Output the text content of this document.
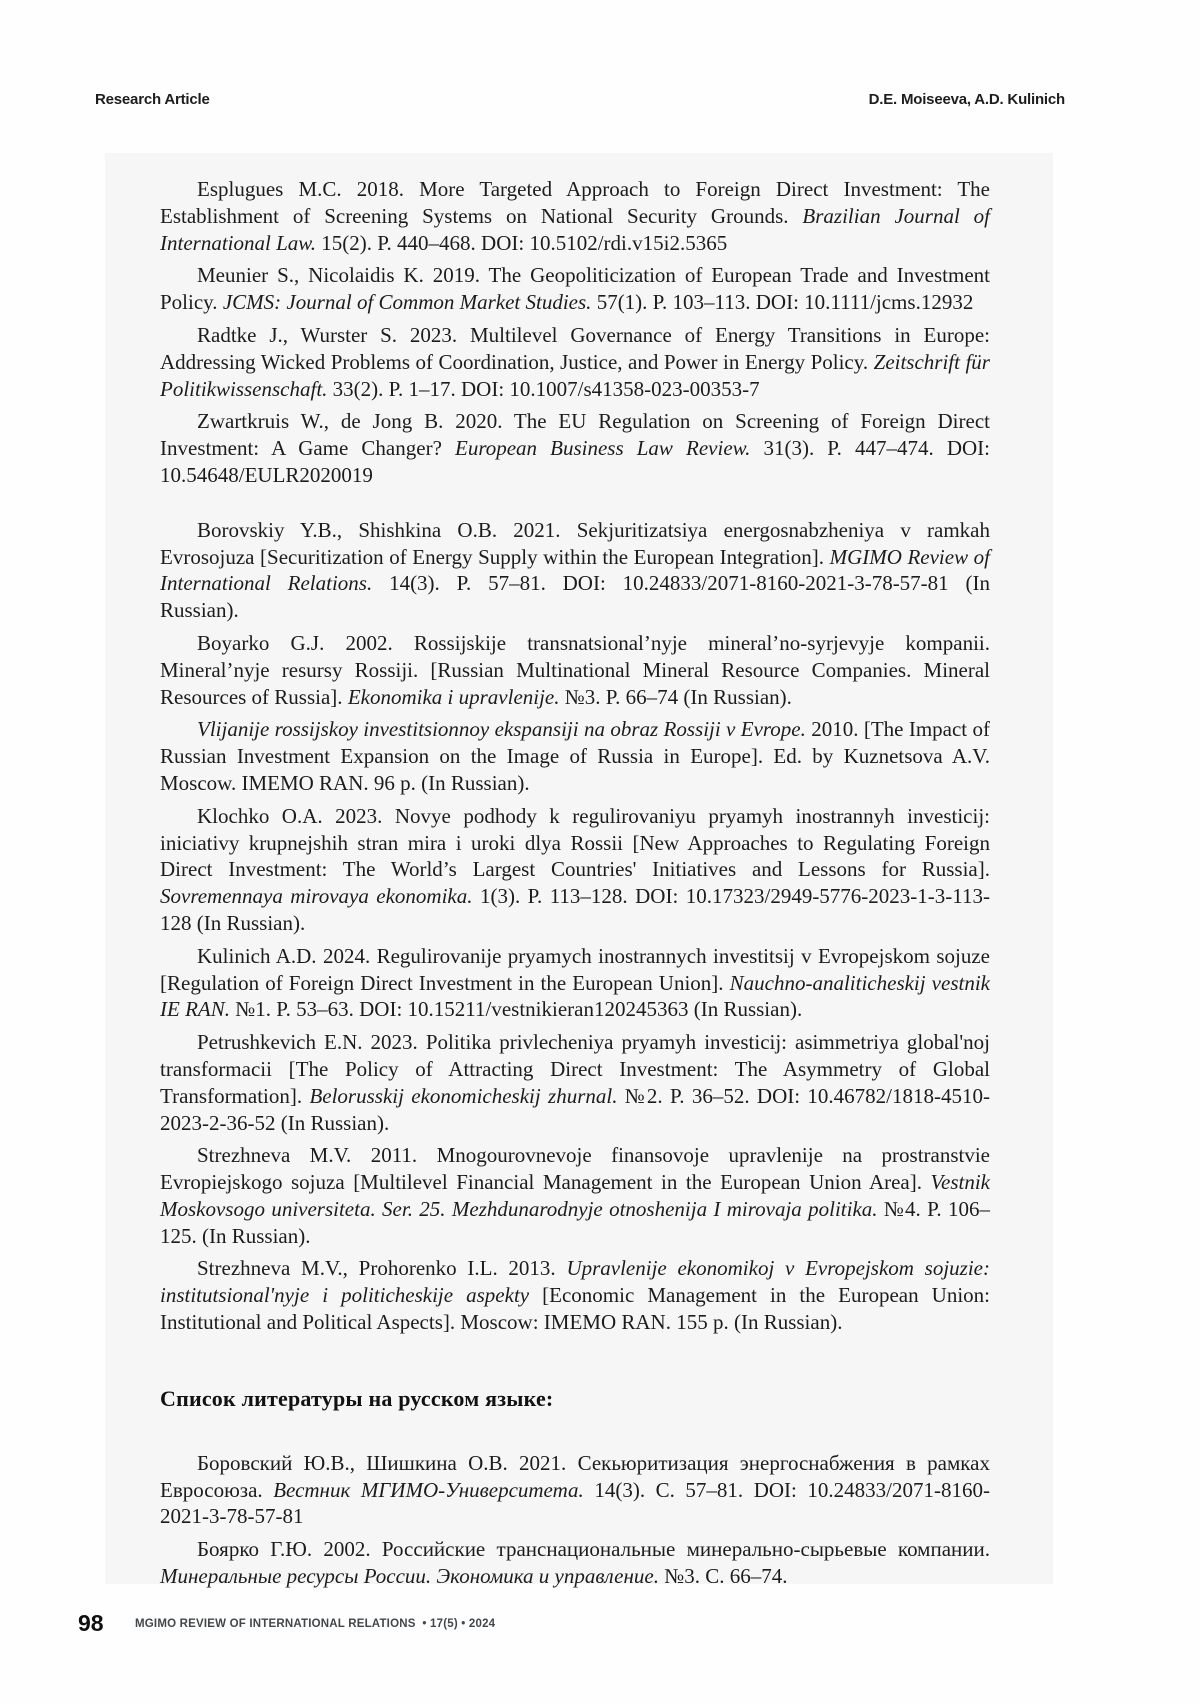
Research Article	D.E. Moiseeva, A.D. Kulinich

Esplugues M.C. 2018. More Targeted Approach to Foreign Direct Investment: The Establishment of Screening Systems on National Security Grounds. Brazilian Journal of International Law. 15(2). P. 440–468. DOI: 10.5102/rdi.v15i2.5365

Meunier S., Nicolaidis K. 2019. The Geopoliticization of European Trade and Investment Policy. JCMS: Journal of Common Market Studies. 57(1). P. 103–113. DOI: 10.1111/jcms.12932

Radtke J., Wurster S. 2023. Multilevel Governance of Energy Transitions in Europe: Addressing Wicked Problems of Coordination, Justice, and Power in Energy Policy. Zeitschrift für Politikwissenschaft. 33(2). P. 1–17. DOI: 10.1007/s41358-023-00353-7

Zwartkruis W., de Jong B. 2020. The EU Regulation on Screening of Foreign Direct Investment: A Game Changer? European Business Law Review. 31(3). P. 447–474. DOI: 10.54648/EULR2020019

Borovskiy Y.B., Shishkina O.B. 2021. Sekjuritizatsiya energosnabzheniya v ramkah Evrosojuza [Securitization of Energy Supply within the European Integration]. MGIMO Review of International Relations. 14(3). P. 57–81. DOI: 10.24833/2071-8160-2021-3-78-57-81 (In Russian).

Boyarko G.J. 2002. Rossijskije transnatsional’nyje mineral’no-syrjevyje kompanii. Mineral’nyje resursy Rossiji. [Russian Multinational Mineral Resource Companies. Mineral Resources of Russia]. Ekonomika i upravlenije. №3. P. 66–74 (In Russian).

Vlijanije rossijskoy investitsionnoy ekspansiji na obraz Rossiji v Evrope. 2010. [The Impact of Russian Investment Expansion on the Image of Russia in Europe]. Ed. by Kuznetsova A.V. Moscow. IMEMO RAN. 96 p. (In Russian).

Klochko O.A. 2023. Novye podhody k regulirovaniyu pryamyh inostrannyh investicij: iniciativy krupnejshih stran mira i uroki dlya Rossii [New Approaches to Regulating Foreign Direct Investment: The World’s Largest Countries' Initiatives and Lessons for Russia]. Sovremennaya mirovaya ekonomika. 1(3). P. 113–128. DOI: 10.17323/2949-5776-2023-1-3-113-128 (In Russian).

Kulinich A.D. 2024. Regulirovanije pryamych inostrannych investitsij v Evropejskom sojuze [Regulation of Foreign Direct Investment in the European Union]. Nauchno-analiticheskij vestnik IE RAN. №1. P. 53–63. DOI: 10.15211/vestnikieran120245363 (In Russian).

Petrushkevich E.N. 2023. Politika privlecheniya pryamyh investicij: asimmetriya global'noj transformacii [The Policy of Attracting Direct Investment: The Asymmetry of Global Transformation]. Belorusskij ekonomicheskij zhurnal. №2. P. 36–52. DOI: 10.46782/1818-4510-2023-2-36-52 (In Russian).

Strezhneva M.V. 2011. Mnogourovnevoje finansovoje upravlenije na prostranstvie Evropiejskogo sojuza [Multilevel Financial Management in the European Union Area]. Vestnik Moskovsogo universiteta. Ser. 25. Mezhdunarodnyje otnoshenija I mirovaja politika. №4. P. 106–125. (In Russian).

Strezhneva M.V., Prohorenko I.L. 2013. Upravlenije ekonomikoj v Evropejskom sojuzie: institutsional'nyje i politicheskije aspekty [Economic Management in the European Union: Institutional and Political Aspects]. Moscow: IMEMO RAN. 155 p. (In Russian).

Список литературы на русском языке:

Боровский Ю.В., Шишкина О.В. 2021. Секьюритизация энергоснабжения в рамках Евросоюза. Вестник МГИМО-Университета. 14(3). С. 57–81. DOI: 10.24833/2071-8160-2021-3-78-57-81

Боярко Г.Ю. 2002. Российские транснациональные минерально-сырьевые компании. Минеральные ресурсы России. Экономика и управление. №3. С. 66–74.

98	MGIMO REVIEW OF INTERNATIONAL RELATIONS  • 17(5) • 2024
